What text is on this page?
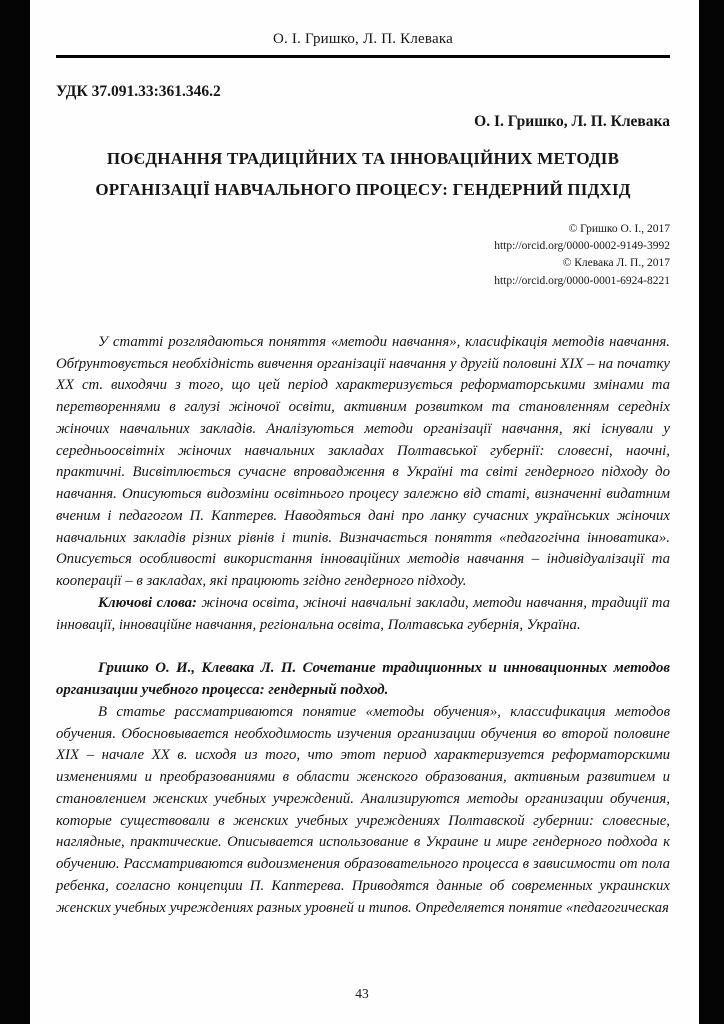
О. І. Гришко, Л. П. Клевака
УДК 37.091.33:361.346.2
О. І. Гришко, Л. П. Клевака
ПОЄДНАННЯ ТРАДИЦІЙНИХ ТА ІННОВАЦІЙНИХ МЕТОДІВ
ОРГАНІЗАЦІЇ НАВЧАЛЬНОГО ПРОЦЕСУ: ГЕНДЕРНИЙ ПІДХІД
© Гришко О. І., 2017
http://orcid.org/0000-0002-9149-3992
© Клевака Л. П., 2017
http://orcid.org/0000-0001-6924-8221

У статті розглядаються поняття «методи навчання», класифікація методів навчання. Обґрунтовується необхідність вивчення організації навчання у другій половині XIX – на початку XX ст. виходячи з того, що цей період характеризується реформаторськими змінами та перетвореннями в галузі жіночої освіти, активним розвитком та становленням середніх жіночих навчальних закладів. Аналізуються методи організації навчання, які існували у середньоосвітніх жіночих навчальних закладах Полтавської губернії: словесні, наочні, практичні. Висвітлюється сучасне впровадження в Україні та світі гендерного підходу до навчання. Описуються видозміни освітнього процесу залежно від статі, визначенні видатним вченим і педагогом П. Каптерев. Наводяться дані про ланку сучасних українських жіночих навчальних закладів різних рівнів і типів. Визначається поняття «педагогічна інноватика». Описується особливості використання інноваційних методів навчання – індивідуалізації та кооперації – в закладах, які працюють згідно гендерного підходу.

Ключові слова: жіноча освіта, жіночі навчальні заклади, методи навчання, традиції та інновації, інноваційне навчання, регіональна освіта, Полтавська губернія, Україна.

Гришко О. И., Клевака Л. П. Сочетание традиционных и инновационных методов организации учебного процесса: гендерный подход.

В статье рассматриваются понятие «методы обучения», классификация методов обучения. Обосновывается необходимость изучения организации обучения во второй половине XIX – начале XX в. исходя из того, что этот период характеризуется реформаторскими изменениями и преобразованиями в области женского образования, активным развитием и становлением женских учебных учреждений. Анализируются методы организации обучения, которые существовали в женских учебных учреждениях Полтавской губернии: словесные, наглядные, практические. Описывается использование в Украине и мире гендерного подхода к обучению. Рассматриваются видоизменения образовательного процесса в зависимости от пола ребенка, согласно концепции П. Каптерева. Приводятся данные об современных украинских женских учебных учреждениях разных уровней и типов. Определяется понятие «педагогическая

43
